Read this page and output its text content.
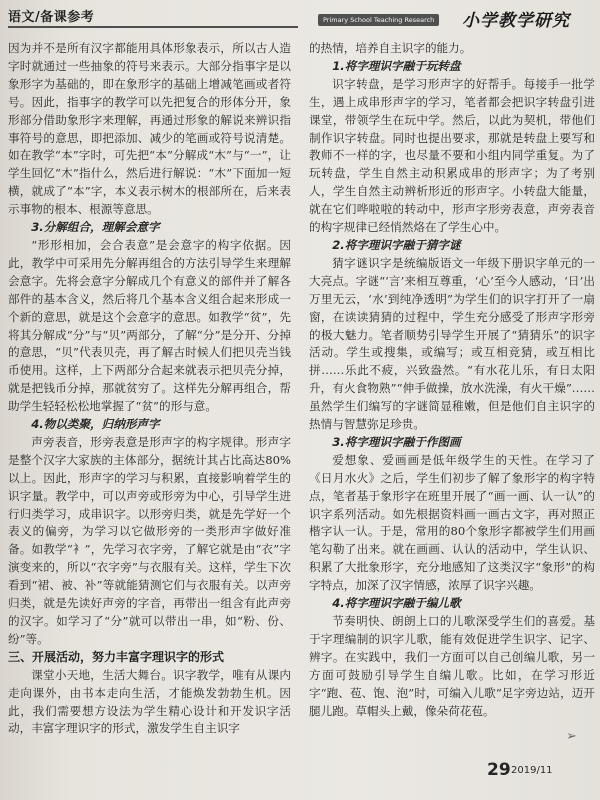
语文/备课参考	Primary School Teaching Research 小学教学研究

因为并不是所有汉字都能用具体形象表示，所以古人造字时就通过一些抽象的符号来表示。大部分指事字是以象形字为基础的，即在象形字的基础上增减笔画或者符号。因此，指事字的教学可以先把复合的形体分开，象形部分借助象形字来理解，再通过形象的解说来辨识指事符号的意思，即把添加、减少的笔画或符号说清楚。如在教学“本”字时，可先把“本”分解成“木”与“一”，让学生回忆“木”指什么，然后进行解说：“木”下面加一短横，就成了“本”字，本义表示树木的根部所在，后来表示事物的根本、根源等意思。

3.分解组合，理解会意字

“形形相加，会合表意”是会意字的构字依据。因此，教学中可采用先分解再组合的方法引导学生来理解会意字。先将会意字分解成几个有意义的部件并了解各部件的基本含义，然后将几个基本含义组合起来形成一个新的意思，就是这个会意字的意思。如教学“贫”，先将其分解成“分”与“贝”两部分，了解“分”是分开、分掉的意思，“贝”代表贝壳，再了解古时候人们把贝壳当钱币使用。这样，上下两部分合起来就表示把贝壳分掉，就是把钱币分掉，那就贫穷了。这样先分解再组合，帮助学生轻轻松松地掌握了“贫”的形与意。

4.物以类聚，归纳形声字

声旁表音，形旁表意是形声字的构字规律。形声字是整个汉字大家族的主体部分，据统计其占比高达80%以上。因此，形声字的学习与积累，直接影响着学生的识字量。教学中，可以声旁或形旁为中心，引导学生进行归类学习，成串识字。以形旁归类，就是先学好一个表义的偏旁，为学习以它做形旁的一类形声字做好准备。如教学“衤”，先学习衣字旁，了解它就是由“衣”字演变来的，所以“衣字旁”与衣服有关。这样，学生下次看到“裙、被、补”等就能猜测它们与衣服有关。以声旁归类，就是先读好声旁的字音，再带出一组含有此声旁的汉字。如学习了“分”就可以带出一串，如“粉、份、纷”等。

三、开展活动，努力丰富字理识字的形式

课堂小天地，生活大舞台。识字教学，唯有从课内走向课外，由书本走向生活，才能焕发勃勃生机。因此，我们需要想方设法为学生精心设计和开发识字活动，丰富字理识字的形式，激发学生自主识字

的热情，培养自主识字的能力。

1.将字理识字融于玩转盘

识字转盘，是学习形声字的好帮手。每接手一批学生，遇上成串形声字的学习，笔者都会把识字转盘引进课堂，带领学生在玩中学。然后，以此为契机，带他们制作识字转盘。同时也提出要求，那就是转盘上要写和教师不一样的字，也尽量不要和小组内同学重复。为了玩转盘，学生自然主动积累成串的形声字；为了考别人，学生自然主动辨析形近的形声字。小转盘大能量，就在它们哗啦啦的转动中，形声字形旁表意，声旁表音的构字规律已经悄然烙在了学生心中。

2.将字理识字融于猜字谜

猜字谜识字是统编版语文一年级下册识字单元的一大亮点。字谜“‘言’来相互尊重，‘心’至今人感动，‘日’出万里无云，‘水’到纯净透明”为学生们的识字打开了一扇窗，在读读猜猜的过程中，学生充分感受了形声字形旁的极大魅力。笔者顺势引导学生开展了“猜猜乐”的识字活动。学生或搜集，或编写；或互相竞猜，或互相比拼……乐此不疲，兴致盎然。“有水花儿乐，有日太阳升，有火食物熟”“伸手做操，放水洗澡，有火干燥”……虽然学生们编写的字谜简显稚嫩，但是他们自主识字的热情与智慧弥足珍贵。

3.将字理识字融于作图画

爱想象、爱画画是低年级学生的天性。在学习了《日月水火》之后，学生们初步了解了象形字的构字特点，笔者基于象形字在班里开展了“画一画、认一认”的识字系列活动。如先根据资料画一画古文字，再对照正楷字认一认。于是，常用的80个象形字都被学生们用画笔勾勒了出来。就在画画、认认的活动中，学生认识、积累了大批象形字，充分地感知了这类汉字“象形”的构字特点，加深了汉字情感，浓厚了识字兴趣。

4.将字理识字融于编儿歌

节奏明快、朗朗上口的儿歌深受学生们的喜爱。基于字理编制的识字儿歌，能有效促进学生识字、记字、辨字。在实践中，我们一方面可以自己创编儿歌，另一方面可鼓励引导学生自编儿歌。比如，在学习形近字“跑、苞、饱、泡”时，可编入儿歌“足字旁边站，迈开腿儿跑。草帽头上戴，像朵荷花苞。

➢
29 2019/11
